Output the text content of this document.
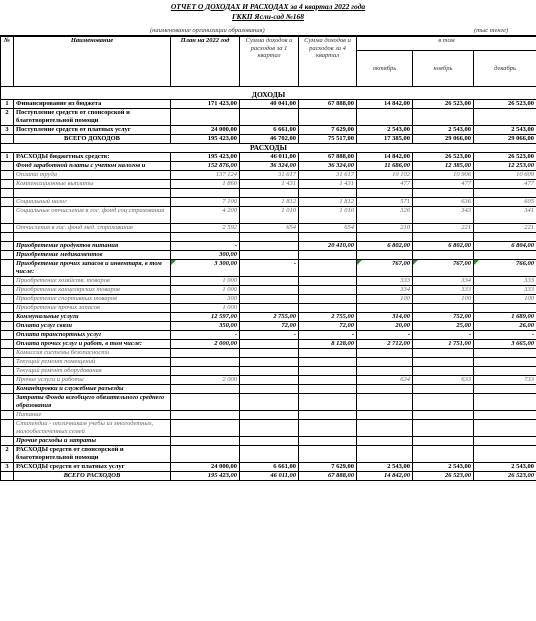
ОТЧЕТ О ДОХОДАХ И РАСХОДАХ за 4 квартал 2022 года
ГККП Ясли-сад №168
(наименование организации образования)	(тыс тенге)
№	Наименование	План на 2022 год	Сумма доходов и расходов за 1 квартал	Сумма доходов и расходов за 4 квартал	в том		
					октябрь	ноябрь	декабрь
ДОХОДЫ							
1	Финансирование из бюджета	171 423,00	40 041,00	67 888,00	14 842,00	26 523,00	26 523,00
2	Поступление средств от спонсорской и благотворительной помощи						
3	Поступление средств от платных услуг	24 000,00	6 661,00	7 629,00	2 543,00	2 543,00	2 543,00
	ВСЕГО ДОХОДОВ	195 423,00	46 702,00	75 517,00	17 385,00	29 066,00	29 066,00
РАСХОДЫ							
1	РАСХОДЫ бюджетных средств:	195 423,00	46 011,00	67 888,00	14 842,00	26 523,00	26 523,00
	Фонд заработной платы с учетом налогов и	152 876,00	36 324,00	36 324,00	11 686,00	12 385,00	12 253,00
	Оплата труда	137 124	31 617	31 617	10 102	10 906	10 609
	Компенсационные выплаты	1 860	1 431	1 431	477	477	477

	Социальный налог	7 100	1 812	1 812	571	636	605
	Социальные отчисления в гос. фонд соц страхования	4 200	1 010	1 010	326	343	341
	Отчисления в гос. фонд мед. страхования	2 592	654	654	210	221	221

	Приобретение продуктов питания	-		20 410,00	6 802,00	6 802,00	6 804,00
	Приобретение медикаментов	300,00					
	Приобретение прочих запасов и инвентаря, в том числе:	3 300,00	-		767,00	767,00	766,00
	Приобретение хозяйств. товаров	1 000			333	334	333
	Приобретение канцелярских товаров	1 000			334	333	333
	Приобретение спортивных товаров	300			100	100	100
	Приобретение прочих запасов	1 000					
	Коммунальные услуги	12 597,00	2 755,00	2 755,00	314,00	752,00	1 689,00
	Оплата услуг связи	350,00	72,00	72,00	20,00	25,00	26,00
	Оплата транспортных услуг	-	-	-	-	-	-
	Оплата прочих услуг и работ, в том числе:	2 000,00		8 128,00	2 712,00	1 751,00	3 665,00
	Комиссия системы безопасности						
	Текущий ремонт помещений						
	Текущий ремонт оборудования						
	Прочие услуги и работы	2 000			634	633	733
	Командировки и служебные разъезды						
	Затраты Фонда всеобщего обязательного среднего образования						
	Питание						
	Стипендии - отличникам учебы из многодетных, малообеспеченных семей						
	Прочие расходы и затраты						
2	РАСХОДЫ средств от спонсорской и благотворительной помощи						
3	РАСХОДЫ средств от платных услуг	24 000,00	6 661,00	7 629,00	2 543,00	2 543,00	2 543,00
	ВСЕГО РАСХОДОВ	195 423,00	46 011,00	67 888,00	14 842,00	26 523,00	26 523,00
